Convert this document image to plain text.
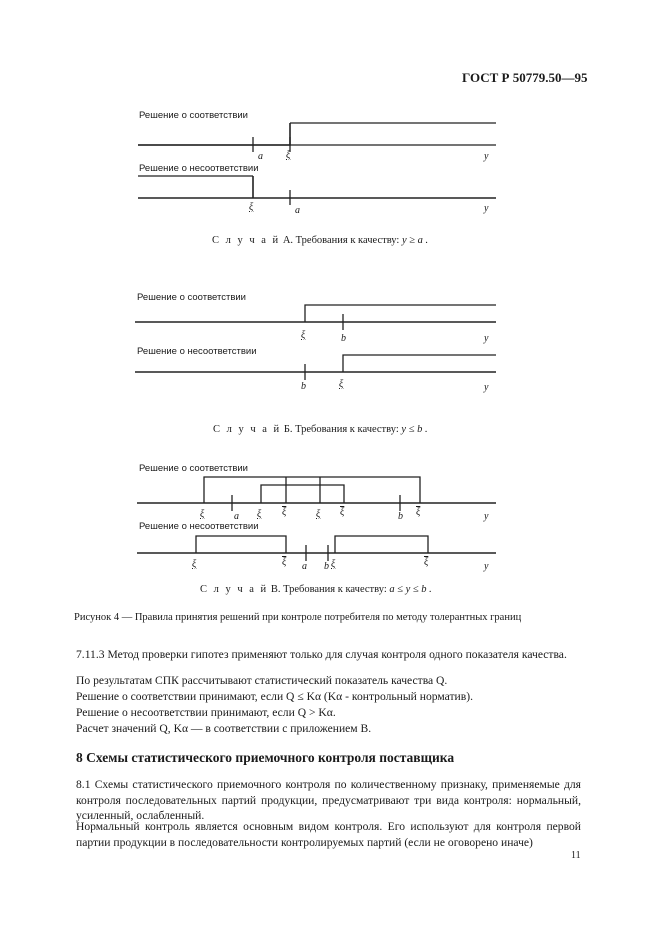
ГОСТ Р 50779.50—95
Решение о соответствии
a ξ	y
Решение о несоответствии
ξ	a	y
С л у ч а й А. Требования к качеству: y ≥ a .
Решение о соответствии
ξ	b	y
Решение о несоответствии
b	ξ	y
С л у ч а й Б. Требования к качеству: y ≤ b .
Решение о соответствии
ξ	a ξ $\overline{\xi}$	ξ $\overline{\xi}$	b $\overline{\xi}$	y
Решение о несоответствии
ξ	$\overline{\xi}$ a b ξ	$\overline{\xi}$	y
С л у ч а й В. Требования к качеству: a ≤ y ≤ b .
Рисунок 4 — Правила принятия решений при контроле потребителя по методу толерантных границ
7.11.3 Метод проверки гипотез применяют только для случая контроля одного показателя качества.
По результатам СПК рассчитывают статистический показатель качества Q.
Решение о соответствии принимают, если Q ≤ Kα (Kα - контрольный норматив).
Решение о несоответствии принимают, если Q > Kα.
Расчет значений Q, Kα — в соответствии с приложением В.
8 Схемы статистического приемочного контроля поставщика
8.1 Схемы статистического приемочного контроля по количественному признаку, применяемые для контроля последовательных партий продукции, предусматривают три вида контроля: нормальный, усиленный, ослабленный.
Нормальный контроль является основным видом контроля. Его используют для контроля первой партии продукции в последовательности контролируемых партий (если не оговорено иначе)
11
